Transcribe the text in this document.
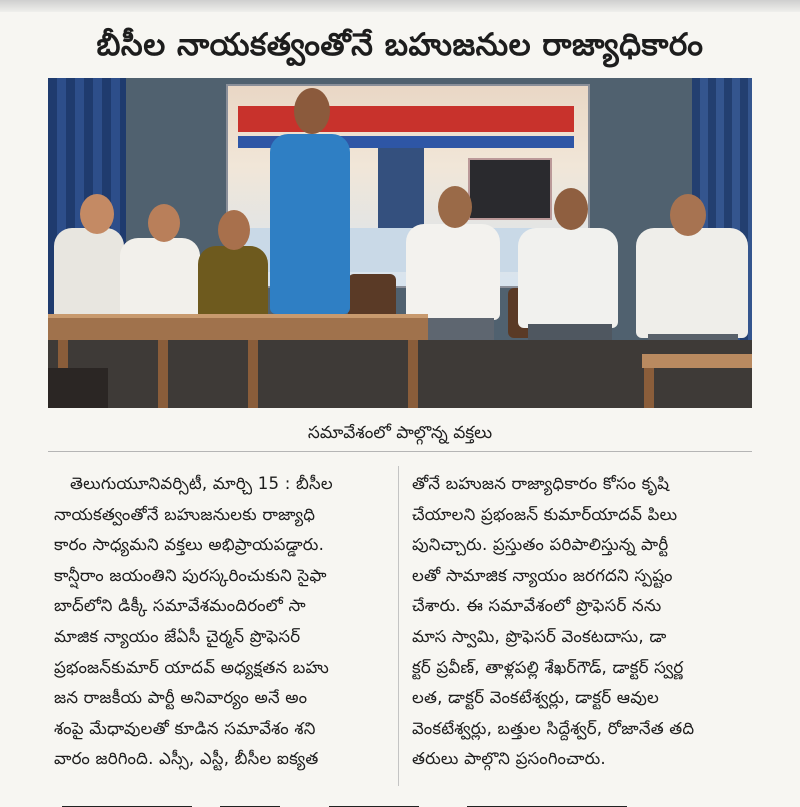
బీసీల నాయకత్వంతోనే బహుజనుల రాజ్యాధికారం
సమావేశంలో పాల్గొన్న వక్తలు
తెలుగుయూనివర్సిటీ, మార్చి 15 : బీసీల
నాయకత్వంతోనే బహుజనులకు రాజ్యాధి
కారం సాధ్యమని వక్తలు అభిప్రాయపడ్డారు.
కాన్షీరాం జయంతిని పురస్కరించుకుని సైఫా
బాద్‌లోని డిక్కీ సమావేశమందిరంలో సా
మాజిక న్యాయం జేఏసీ చైర్మన్ ప్రొఫెసర్
ప్రభంజన్‌కుమార్ యాదవ్ అధ్యక్షతన బహు
జన రాజకీయ పార్టీ అనివార్యం అనే అం
శంపై మేధావులతో కూడిన సమావేశం శని
వారం జరిగింది. ఎస్సీ, ఎస్టీ, బీసీల ఐక్యత
తోనే బహుజన రాజ్యాధికారం కోసం కృషి
చేయాలని ప్రభంజన్ కుమార్‌యాదవ్ పిలు
పునిచ్చారు. ప్రస్తుతం పరిపాలిస్తున్న పార్టీ
లతో సామాజిక న్యాయం జరగదని స్పష్టం
చేశారు. ఈ సమావేశంలో ప్రొఫెసర్ నను
మాస స్వామి, ప్రొఫెసర్ వెంకటదాసు, డా
క్టర్ ప్రవీణ్, తాళ్లపల్లి శేఖర్‌గౌడ్, డాక్టర్ స్వర్ణ
లత, డాక్టర్ వెంకటేశ్వర్లు, డాక్టర్ ఆవుల
వెంకటేశ్వర్లు, బత్తుల సిద్దేశ్వర్, రోజానేత తది
తరులు పాల్గొని ప్రసంగించారు.
